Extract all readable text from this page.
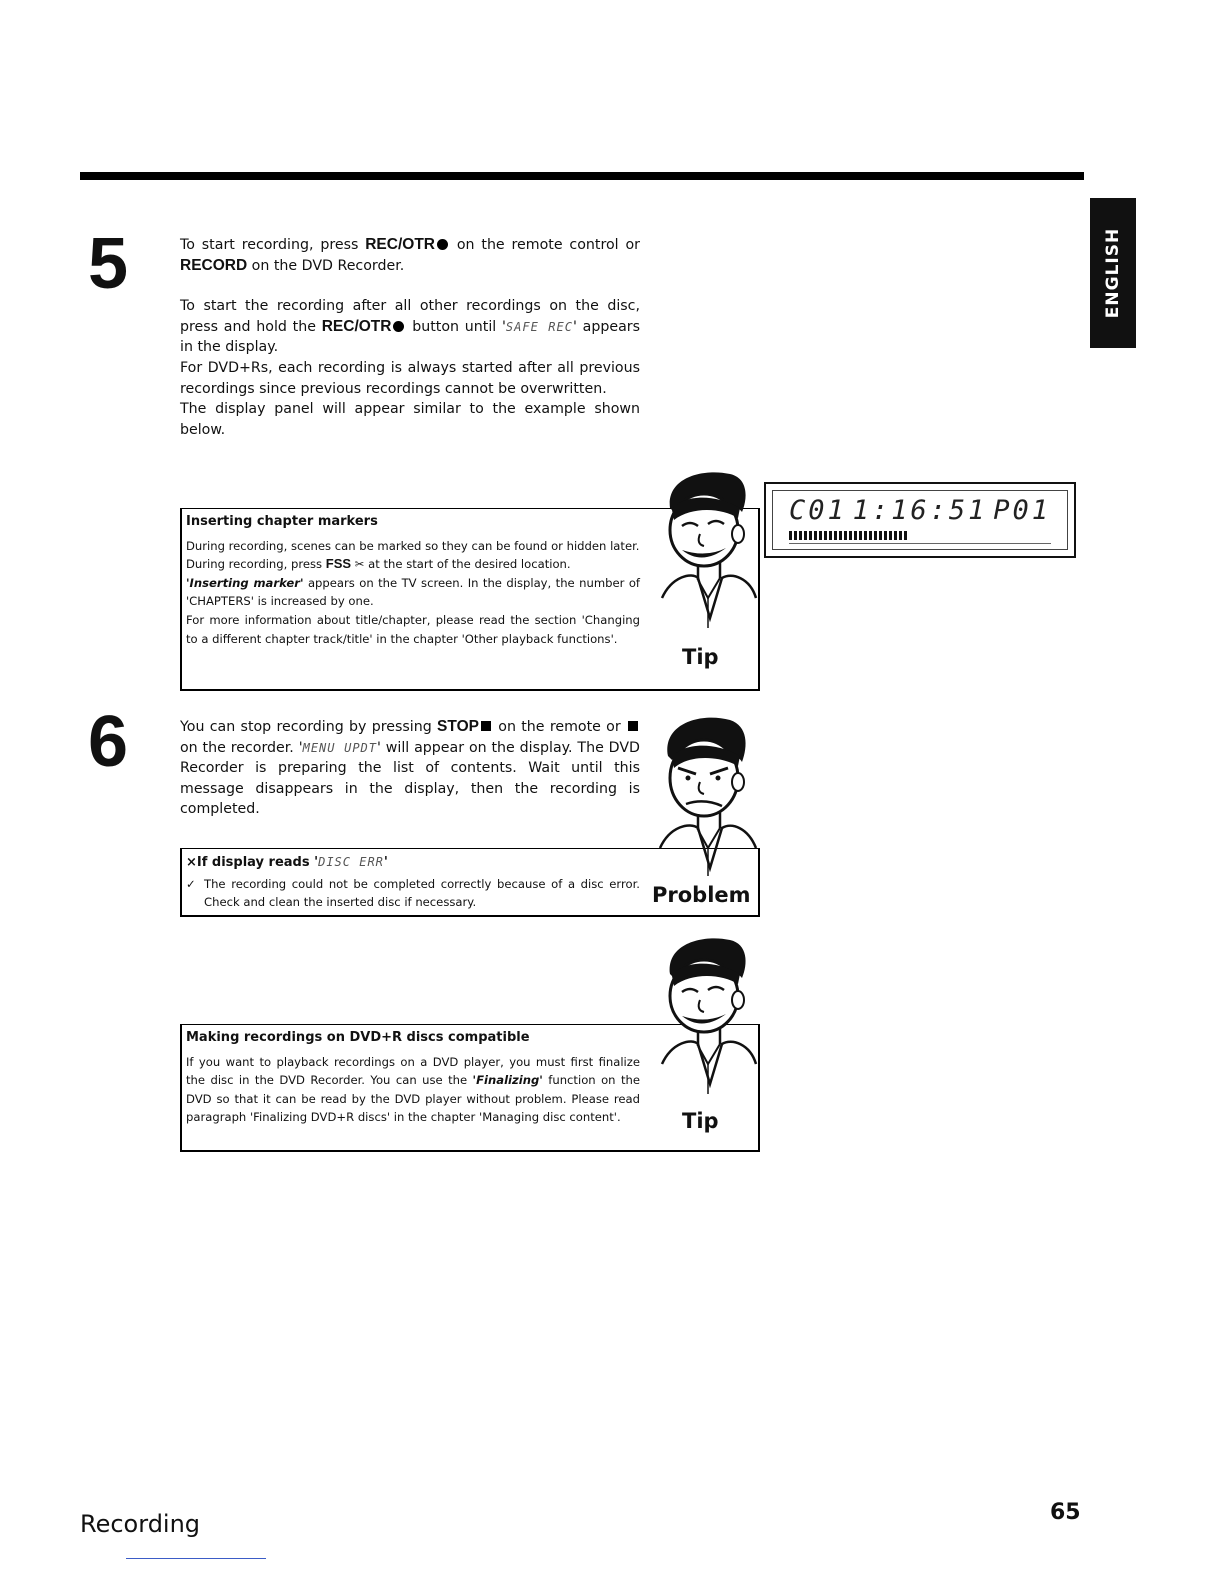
ENGLISH
5	To start recording, press REC/OTR on the remote control or RECORD on the DVD Recorder.

To start the recording after all other recordings on the disc, press and hold the REC/OTR button until 'SAFE REC' appears in the display.

For DVD+Rs, each recording is always started after all previous recordings since previous recordings cannot be overwritten.

The display panel will appear similar to the example shown below.

Inserting chapter markers

During recording, scenes can be marked so they can be found or hidden later.

During recording, press FSS ✂ at the start of the desired location.

'Inserting marker' appears on the TV screen. In the display, the number of 'CHAPTERS' is increased by one.

For more information about title/chapter, please read the section 'Changing to a different chapter track/title' in the chapter 'Other playback functions'.

Tip
C01 1:16:51 P01
6	You can stop recording by pressing STOP on the remote or  on the recorder. 'MENU UPDT' will appear on the display. The DVD Recorder is preparing the list of contents. Wait until this message disappears in the display, then the recording is completed.

×If display reads 'DISC ERR'

✓ The recording could not be completed correctly because of a disc error. Check and clean the inserted disc if necessary.	Problem

Making recordings on DVD+R discs compatible

If you want to playback recordings on a DVD player, you must first finalize the disc in the DVD Recorder. You can use the 'Finalizing' function on the DVD so that it can be read by the DVD player without problem. Please read paragraph 'Finalizing DVD+R discs' in the chapter 'Managing disc content'.	Tip
Recording	65
